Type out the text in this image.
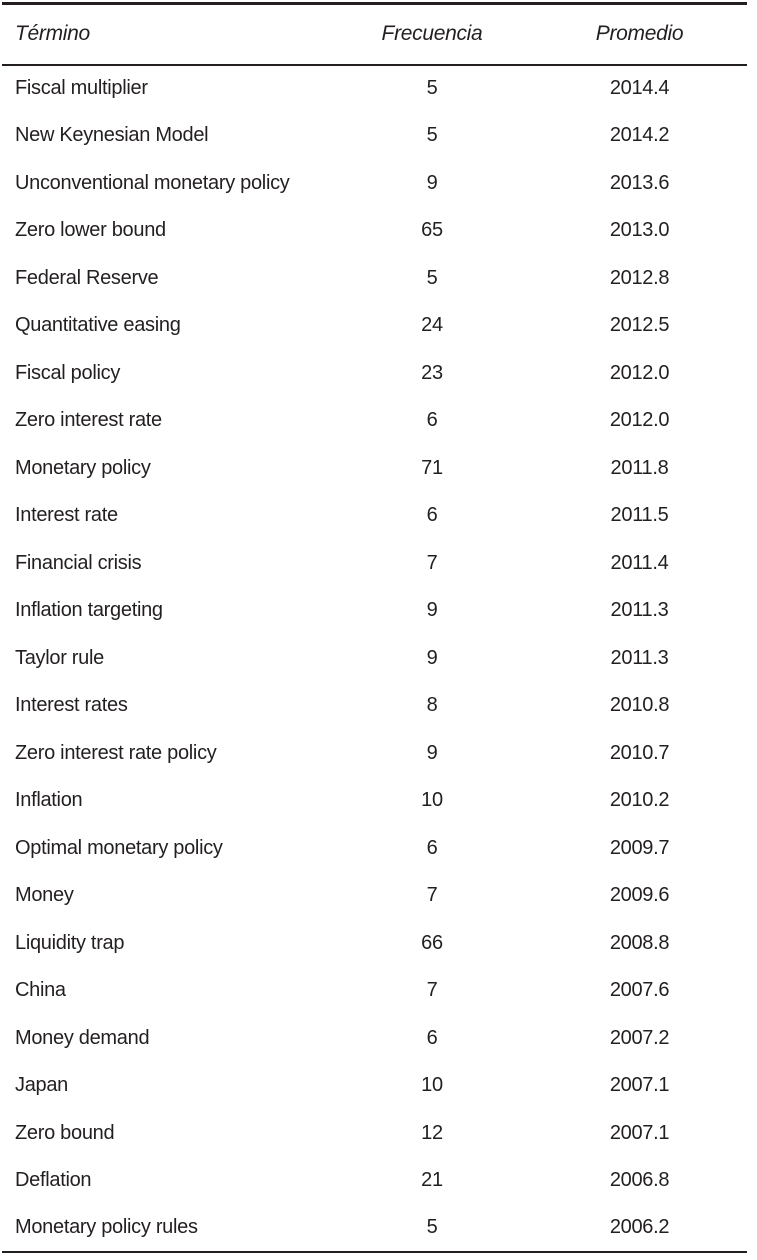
Término	Frecuencia	Promedio
Fiscal multiplier	5	2014.4
New Keynesian Model	5	2014.2
Unconventional monetary policy	9	2013.6
Zero lower bound	65	2013.0
Federal Reserve	5	2012.8
Quantitative easing	24	2012.5
Fiscal policy	23	2012.0
Zero interest rate	6	2012.0
Monetary policy	71	2011.8
Interest rate	6	2011.5
Financial crisis	7	2011.4
Inflation targeting	9	2011.3
Taylor rule	9	2011.3
Interest rates	8	2010.8
Zero interest rate policy	9	2010.7
Inflation	10	2010.2
Optimal monetary policy	6	2009.7
Money	7	2009.6
Liquidity trap	66	2008.8
China	7	2007.6
Money demand	6	2007.2
Japan	10	2007.1
Zero bound	12	2007.1
Deflation	21	2006.8
Monetary policy rules	5	2006.2
